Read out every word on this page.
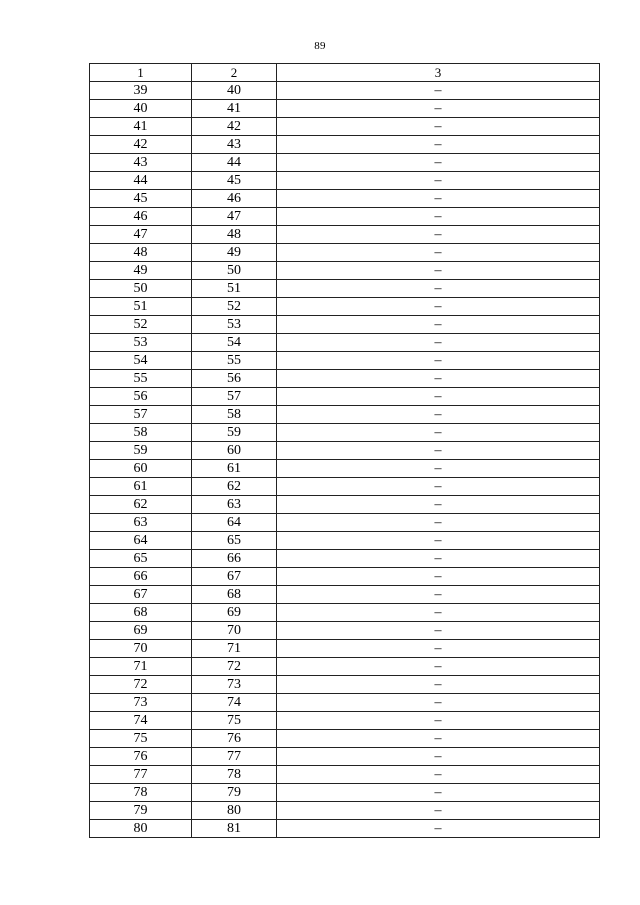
89
1	2	3
39	40	–
40	41	–
41	42	–
42	43	–
43	44	–
44	45	–
45	46	–
46	47	–
47	48	–
48	49	–
49	50	–
50	51	–
51	52	–
52	53	–
53	54	–
54	55	–
55	56	–
56	57	–
57	58	–
58	59	–
59	60	–
60	61	–
61	62	–
62	63	–
63	64	–
64	65	–
65	66	–
66	67	–
67	68	–
68	69	–
69	70	–
70	71	–
71	72	–
72	73	–
73	74	–
74	75	–
75	76	–
76	77	–
77	78	–
78	79	–
79	80	–
80	81	–
